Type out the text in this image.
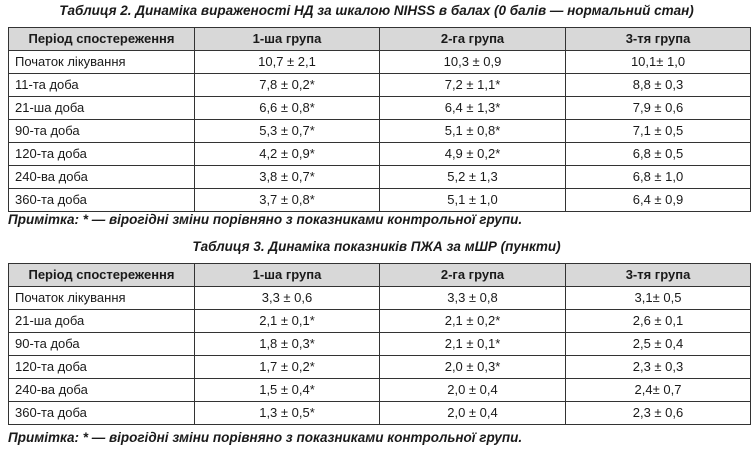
Таблиця 2. Динаміка вираженості НД за шкалою NIHSS в балах (0 балів — нормальний стан)
Період спостереження	1-ша група	2-га група	3-тя група
Початок лікування	10,7 ± 2,1	10,3 ± 0,9	10,1± 1,0
11-та доба	7,8 ± 0,2*	7,2 ± 1,1*	8,8 ± 0,3
21-ша доба	6,6 ± 0,8*	6,4 ± 1,3*	7,9 ± 0,6
90-та доба	5,3 ± 0,7*	5,1 ± 0,8*	7,1 ± 0,5
120-та доба	4,2 ± 0,9*	4,9 ± 0,2*	6,8 ± 0,5
240-ва доба	3,8 ± 0,7*	5,2 ± 1,3	6,8 ± 1,0
360-та доба	3,7 ± 0,8*	5,1 ± 1,0	6,4 ± 0,9
Примітка: * — вірогідні зміни порівняно з показниками контрольної групи.
Таблиця 3. Динаміка показників ПЖА за мШР (пункти)
Період спостереження	1-ша група	2-га група	3-тя група
Початок лікування	3,3 ± 0,6	3,3 ± 0,8	3,1± 0,5
21-ша доба	2,1 ± 0,1*	2,1 ± 0,2*	2,6 ± 0,1
90-та доба	1,8 ± 0,3*	2,1 ± 0,1*	2,5 ± 0,4
120-та доба	1,7 ± 0,2*	2,0 ± 0,3*	2,3 ± 0,3
240-ва доба	1,5 ± 0,4*	2,0 ± 0,4	2,4± 0,7
360-та доба	1,3 ± 0,5*	2,0 ± 0,4	2,3 ± 0,6
Примітка: * — вірогідні зміни порівняно з показниками контрольної групи.
